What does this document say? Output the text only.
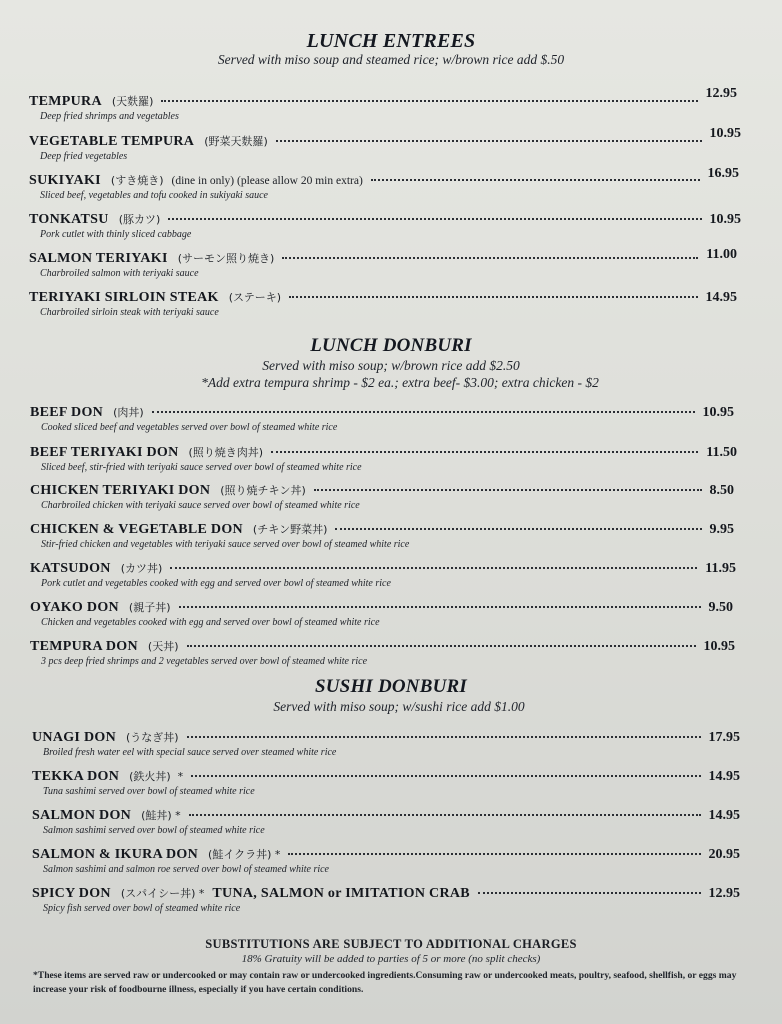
LUNCH ENTREES
Served with miso soup and steamed rice; w/brown rice add $.50
TEMPURA (天麩羅)
12.95
Deep fried shrimps and vegetables
VEGETABLE TEMPURA (野菜天麩羅)
10.95
Deep fried vegetables
SUKIYAKI (すき焼き) (dine in only) (please allow 20 min extra)	16.95
Sliced beef, vegetables and tofu cooked in sukiyaki sauce
TONKATSU (豚カツ)	10.95
Pork cutlet with thinly sliced cabbage
SALMON TERIYAKI (サーモン照り焼き)	11.00
Charbroiled salmon with teriyaki sauce
TERIYAKI SIRLOIN STEAK (ステーキ)	14.95
Charbroiled sirloin steak with teriyaki sauce
LUNCH DONBURI
Served with miso soup; w/brown rice add $2.50
*Add extra tempura shrimp - $2 ea.; extra beef- $3.00; extra chicken - $2
BEEF DON (肉丼)	10.95
Cooked sliced beef and vegetables served over bowl of steamed white rice
BEEF TERIYAKI DON (照り焼き肉丼)	11.50
Sliced beef, stir-fried with teriyaki sauce served over bowl of steamed white rice
CHICKEN TERIYAKI DON (照り焼チキン丼)	8.50
Charbroiled chicken with teriyaki sauce served over bowl of steamed white rice
CHICKEN & VEGETABLE DON (チキン野菜丼)	9.95
Stir-fried chicken and vegetables with teriyaki sauce served over bowl of steamed white rice
KATSUDON (カツ丼)	11.95
Pork cutlet and vegetables cooked with egg and served over bowl of steamed white rice
OYAKO DON (親子丼)	9.50
Chicken and vegetables cooked with egg and served over bowl of steamed white rice
TEMPURA DON (天丼)	10.95
3 pcs deep fried shrimps and 2 vegetables served over bowl of steamed white rice
SUSHI DONBURI
Served with miso soup; w/sushi rice add $1.00
UNAGI DON (うなぎ丼)	17.95
Broiled fresh water eel with special sauce served over steamed white rice
TEKKA DON (鉄火丼)  *	14.95
Tuna sashimi served over bowl of steamed white rice
SALMON DON (鮭丼) *	14.95
Salmon sashimi served over bowl of steamed white rice
SALMON & IKURA DON (鮭イクラ丼) *	20.95
Salmon sashimi and salmon roe served over bowl of steamed white rice
SPICY DON (スパイシー丼) * TUNA, SALMON or IMITATION CRAB	12.95
Spicy fish served over bowl of steamed white rice
SUBSTITUTIONS ARE SUBJECT TO ADDITIONAL CHARGES
18% Gratuity will be added to parties of 5 or more (no split checks)
*These items are served raw or undercooked or may contain raw or undercooked ingredients.Consuming raw or undercooked meats, poultry, seafood, shellfish, or eggs may increase your risk of foodbourne illness, especially if you have certain conditions.
